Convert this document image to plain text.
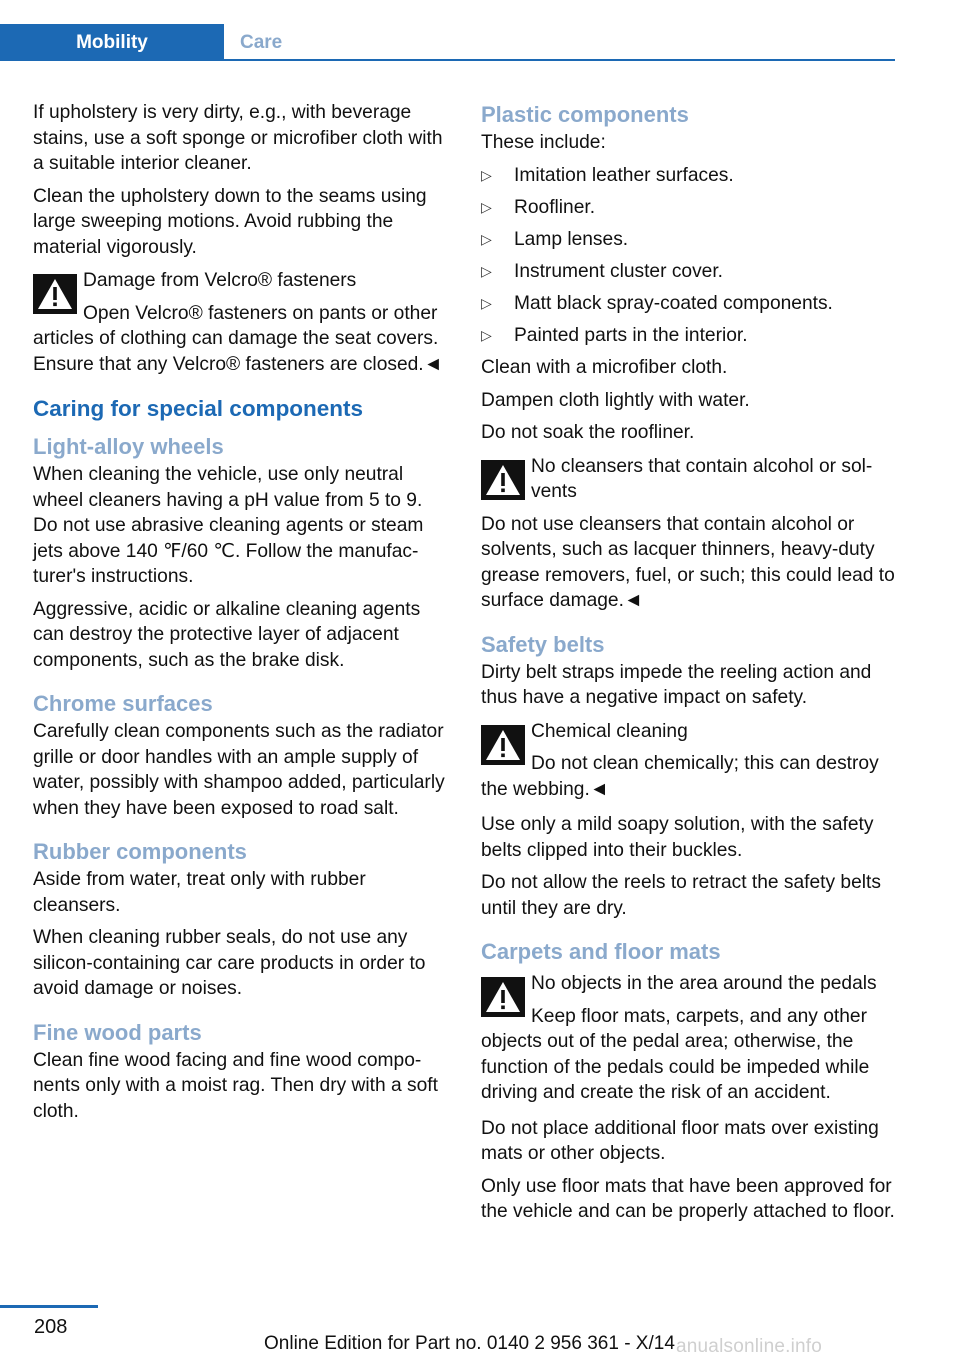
Mobility	Care

If upholstery is very dirty, e.g., with beverage stains, use a soft sponge or microfiber cloth with a suitable interior cleaner.

Clean the upholstery down to the seams using large sweeping motions. Avoid rubbing the material vigorously.

Damage from Velcro® fasteners
Open Velcro® fasteners on pants or other articles of clothing can damage the seat covers. Ensure that any Velcro® fasteners are closed.◄
Caring for special components
Light-alloy wheels

When cleaning the vehicle, use only neutral wheel cleaners having a pH value from 5 to 9. Do not use abrasive cleaning agents or steam jets above 140 ℉/60 ℃. Follow the manufacturer's instructions.

Aggressive, acidic or alkaline cleaning agents can destroy the protective layer of adjacent components, such as the brake disk.

Chrome surfaces

Carefully clean components such as the radiator grille or door handles with an ample supply of water, possibly with shampoo added, particularly when they have been exposed to road salt.

Rubber components

Aside from water, treat only with rubber cleansers.

When cleaning rubber seals, do not use any silicon-containing car care products in order to avoid damage or noises.

Fine wood parts

Clean fine wood facing and fine wood components only with a moist rag. Then dry with a soft cloth.

Plastic components

These include:

▷ Imitation leather surfaces.
▷ Roofliner.
▷ Lamp lenses.
▷ Instrument cluster cover.
▷ Matt black spray-coated components.
▷ Painted parts in the interior.

Clean with a microfiber cloth.

Dampen cloth lightly with water.

Do not soak the roofliner.

No cleansers that contain alcohol or solvents
Do not use cleansers that contain alcohol or solvents, such as lacquer thinners, heavy-duty grease removers, fuel, or such; this could lead to surface damage.◄
Safety belts

Dirty belt straps impede the reeling action and thus have a negative impact on safety.

Chemical cleaning
Do not clean chemically; this can destroy the webbing.◄

Use only a mild soapy solution, with the safety belts clipped into their buckles.

Do not allow the reels to retract the safety belts until they are dry.

Carpets and floor mats
No objects in the area around the pedals
Keep floor mats, carpets, and any other objects out of the pedal area; otherwise, the function of the pedals could be impeded while driving and create the risk of an accident.

Do not place additional floor mats over existing mats or other objects.

Only use floor mats that have been approved for the vehicle and can be properly attached to floor.

208
Online Edition for Part no. 0140 2 956 361 - X/14 anualsonline.info
